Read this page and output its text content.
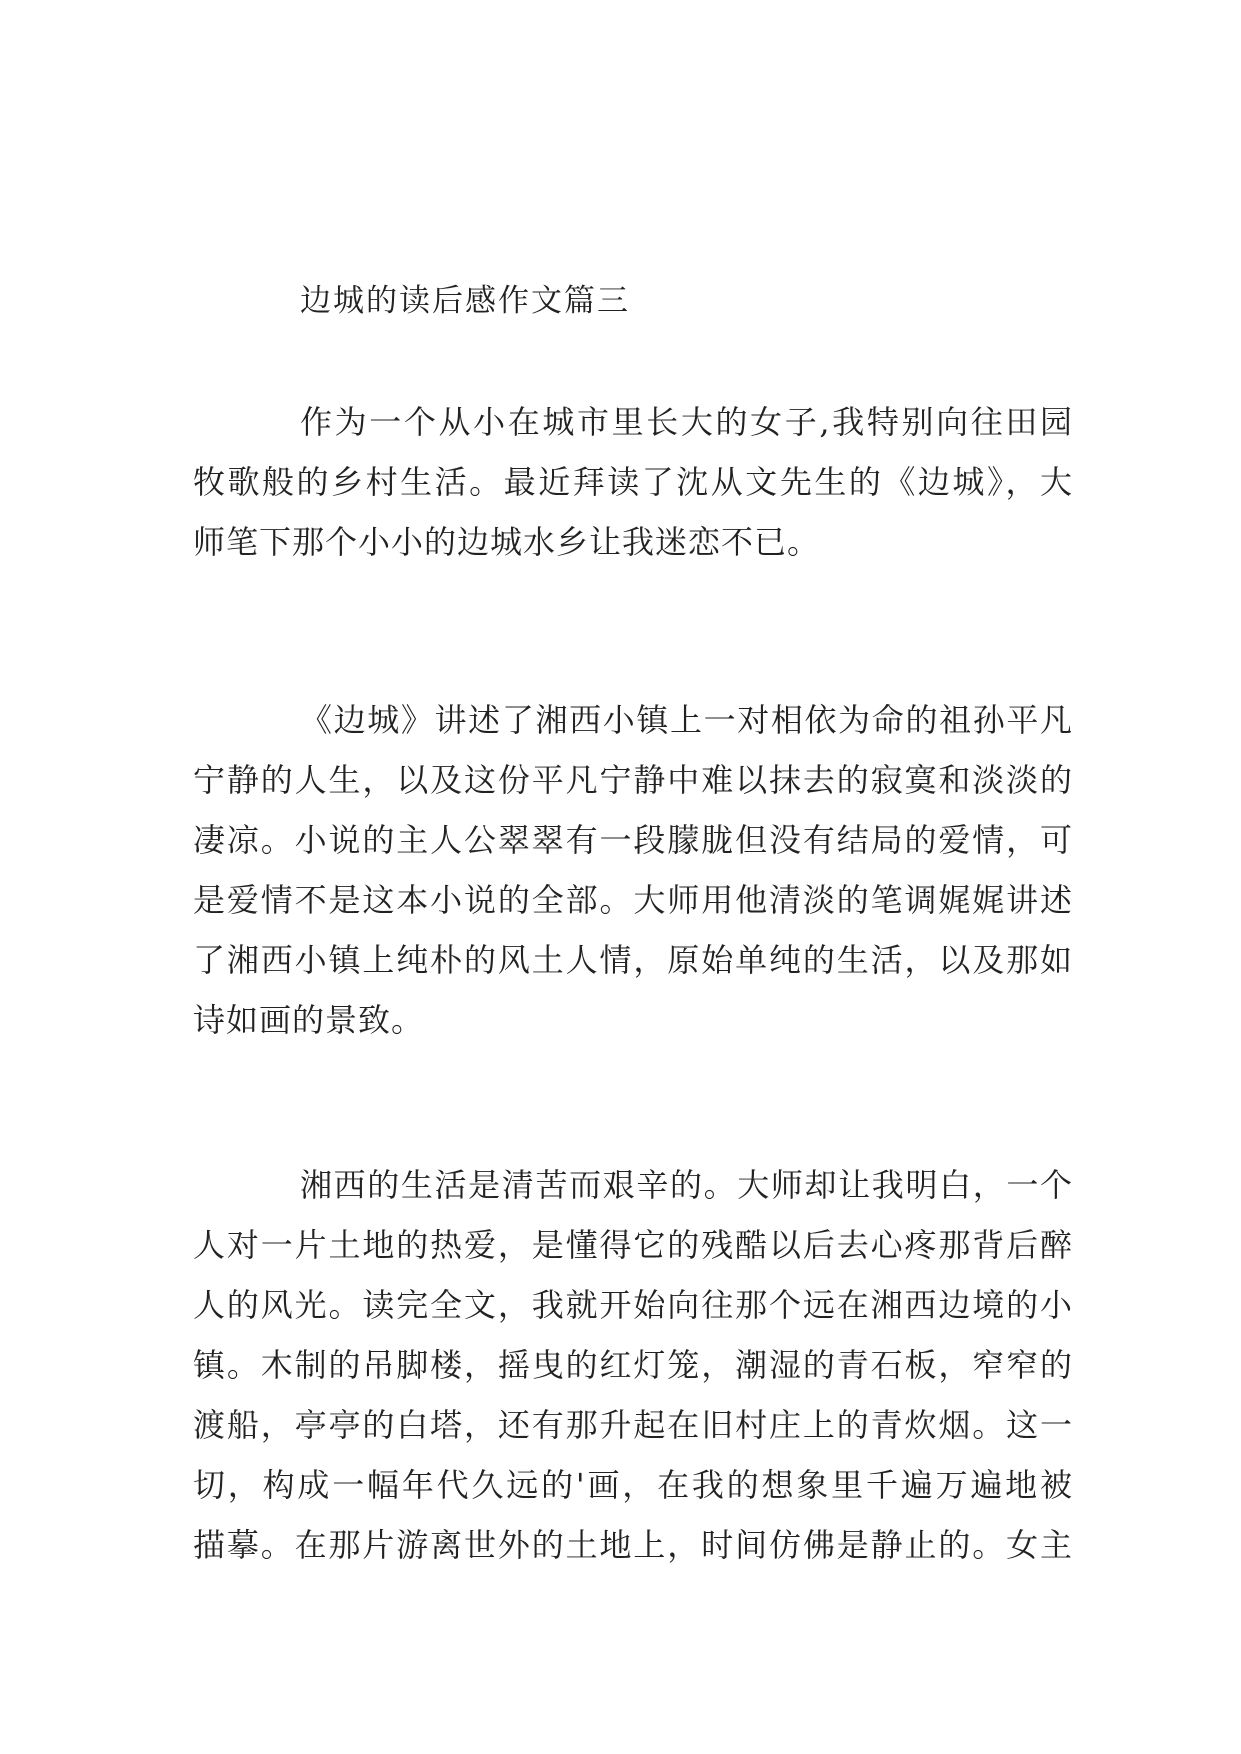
边城的读后感作文篇三
作为一个从小在城市里长大的女子,我特别向往田园
牧歌般的乡村生活。最近拜读了沈从文先生的《边城》，大
师笔下那个小小的边城水乡让我迷恋不已。
《边城》讲述了湘西小镇上一对相依为命的祖孙平凡
宁静的人生，以及这份平凡宁静中难以抹去的寂寞和淡淡的
凄凉。小说的主人公翠翠有一段朦胧但没有结局的爱情，可
是爱情不是这本小说的全部。大师用他清淡的笔调娓娓讲述
了湘西小镇上纯朴的风土人情，原始单纯的生活，以及那如
诗如画的景致。
湘西的生活是清苦而艰辛的。大师却让我明白，一个
人对一片土地的热爱，是懂得它的残酷以后去心疼那背后醉
人的风光。读完全文，我就开始向往那个远在湘西边境的小
镇。木制的吊脚楼，摇曳的红灯笼，潮湿的青石板，窄窄的
渡船，亭亭的白塔，还有那升起在旧村庄上的青炊烟。这一
切，构成一幅年代久远的'画，在我的想象里千遍万遍地被
描摹。在那片游离世外的土地上，时间仿佛是静止的。女主
